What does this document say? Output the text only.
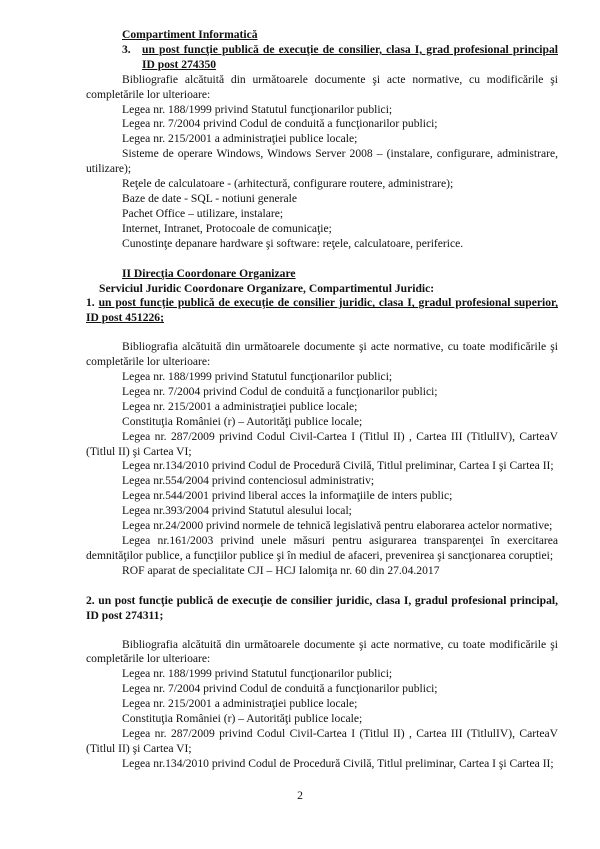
Compartiment Informatică

3. un post funcţie publică de execuţie de consilier, clasa I, grad profesional principal ID post 274350

Bibliografie alcătuită din următoarele documente şi acte normative, cu modificările şi completările lor ulterioare:

Legea nr. 188/1999 privind Statutul funcţionarilor publici;

Legea nr. 7/2004 privind Codul de conduită a funcţionarilor publici;

Legea nr. 215/2001 a administraţiei publice locale;

Sisteme de operare Windows, Windows Server 2008 – (instalare, configurare, administrare, utilizare);

Reţele de calculatoare - (arhitectură, configurare routere, administrare);

Baze de date - SQL - notiuni generale

Pachet Office – utilizare, instalare;

Internet, Intranet, Protocoale de comunicaţie;

Cunostinţe depanare hardware şi software: reţele, calculatoare, periferice.

II Direcţia Coordonare Organizare

Serviciul Juridic Coordonare Organizare, Compartimentul Juridic:

1. un post funcţie publică de execuţie de consilier juridic, clasa I, gradul profesional superior, ID post 451226;

Bibliografia alcătuită din următoarele documente şi acte normative, cu toate modificările şi completările lor ulterioare:

Legea nr. 188/1999 privind Statutul funcţionarilor publici;

Legea nr. 7/2004 privind Codul de conduită a funcţionarilor publici;

Legea nr. 215/2001 a administraţiei publice locale;

Constituţia României (r) – Autorităţi publice locale;

Legea nr. 287/2009 privind Codul Civil-Cartea I (Titlul II) , Cartea III (TitlulIV), CarteaV (Titlul II) şi Cartea VI;

Legea nr.134/2010 privind Codul de Procedură Civilă, Titlul preliminar, Cartea I şi Cartea II;

Legea nr.554/2004 privind contenciosul administrativ;

Legea nr.544/2001 privind liberal acces la informaţiile de inters public;

Legea nr.393/2004 privind Statutul alesului local;

Legea nr.24/2000 privind normele de tehnică legislativă pentru elaborarea actelor normative;

Legea nr.161/2003 privind unele măsuri pentru asigurarea transparenţei în exercitarea demnităţilor publice, a funcţiilor publice şi în mediul de afaceri, prevenirea şi sancţionarea coruptiei;

ROF aparat de specialitate CJI – HCJ Ialomiţa nr. 60 din 27.04.2017

2. un post funcţie publică de execuţie de consilier juridic, clasa I, gradul profesional principal, ID post 274311;

Bibliografia alcătuită din următoarele documente şi acte normative, cu toate modificările şi completările lor ulterioare:

Legea nr. 188/1999 privind Statutul funcţionarilor publici;

Legea nr. 7/2004 privind Codul de conduită a funcţionarilor publici;

Legea nr. 215/2001 a administraţiei publice locale;

Constituţia României (r) – Autorităţi publice locale;

Legea nr. 287/2009 privind Codul Civil-Cartea I (Titlul II) , Cartea III (TitlulIV), CarteaV (Titlul II) şi Cartea VI;

Legea nr.134/2010 privind Codul de Procedură Civilă, Titlul preliminar, Cartea I şi Cartea II;

2
